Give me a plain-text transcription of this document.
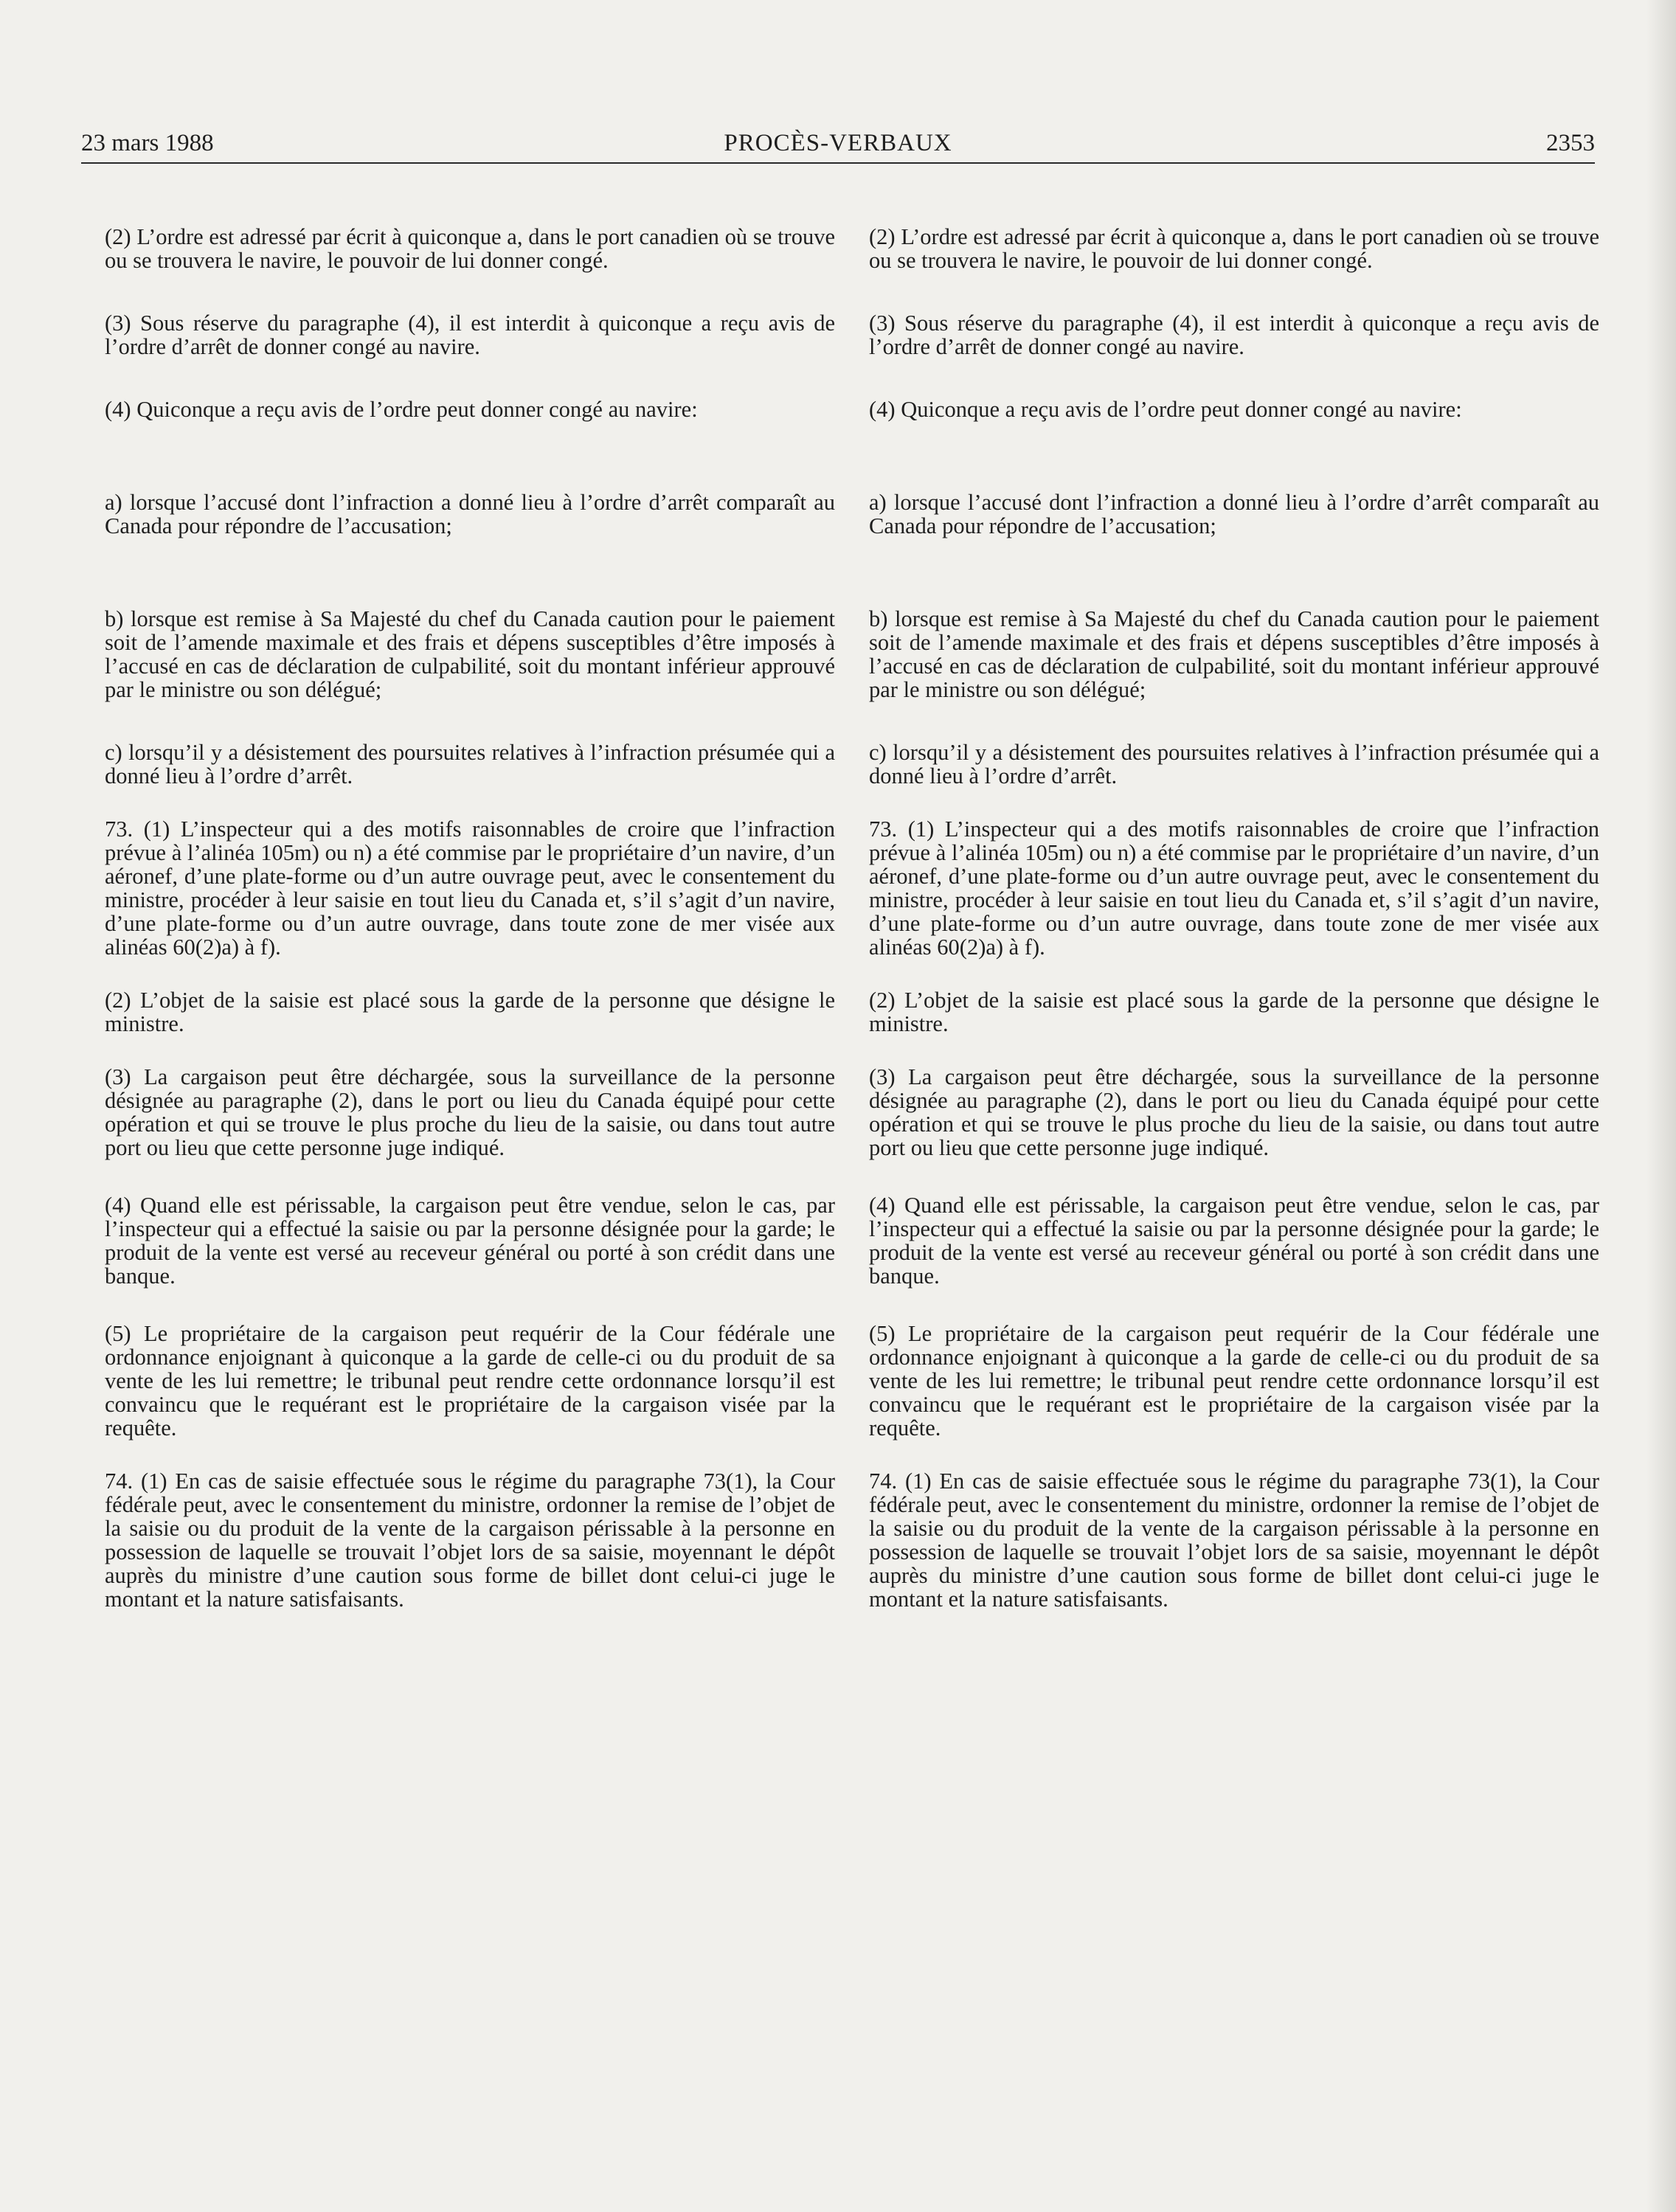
23 mars 1988	PROCÈS-VERBAUX	2353

(2) L’ordre est adressé par écrit à quiconque a, dans le port canadien où se trouve ou se trouvera le navire, le pouvoir de lui donner congé.

(3) Sous réserve du paragraphe (4), il est interdit à quiconque a reçu avis de l’ordre d’arrêt de donner congé au navire.

(4) Quiconque a reçu avis de l’ordre peut donner congé au navire:

a) lorsque l’accusé dont l’infraction a donné lieu à l’ordre d’arrêt comparaît au Canada pour répondre de l’accusation;

b) lorsque est remise à Sa Majesté du chef du Canada caution pour le paiement soit de l’amende maximale et des frais et dépens susceptibles d’être imposés à l’accusé en cas de déclaration de culpabilité, soit du montant inférieur approuvé par le ministre ou son délégué;

c) lorsqu’il y a désistement des poursuites relatives à l’infraction présumée qui a donné lieu à l’ordre d’arrêt.

73. (1) L’inspecteur qui a des motifs raisonnables de croire que l’infraction prévue à l’alinéa 105m) ou n) a été commise par le propriétaire d’un navire, d’un aéronef, d’une plate-forme ou d’un autre ouvrage peut, avec le consentement du ministre, procéder à leur saisie en tout lieu du Canada et, s’il s’agit d’un navire, d’une plate-forme ou d’un autre ouvrage, dans toute zone de mer visée aux alinéas 60(2)a) à f).

(2) L’objet de la saisie est placé sous la garde de la personne que désigne le ministre.

(3) La cargaison peut être déchargée, sous la surveillance de la personne désignée au paragraphe (2), dans le port ou lieu du Canada équipé pour cette opération et qui se trouve le plus proche du lieu de la saisie, ou dans tout autre port ou lieu que cette personne juge indiqué.

(4) Quand elle est périssable, la cargaison peut être vendue, selon le cas, par l’inspecteur qui a effectué la saisie ou par la personne désignée pour la garde; le produit de la vente est versé au receveur général ou porté à son crédit dans une banque.

(5) Le propriétaire de la cargaison peut requérir de la Cour fédérale une ordonnance enjoignant à quiconque a la garde de celle-ci ou du produit de sa vente de les lui remettre; le tribunal peut rendre cette ordonnance lorsqu’il est convaincu que le requérant est le propriétaire de la cargaison visée par la requête.

74. (1) En cas de saisie effectuée sous le régime du paragraphe 73(1), la Cour fédérale peut, avec le consentement du ministre, ordonner la remise de l’objet de la saisie ou du produit de la vente de la cargaison périssable à la personne en possession de laquelle se trouvait l’objet lors de sa saisie, moyennant le dépôt auprès du ministre d’une caution sous forme de billet dont celui-ci juge le montant et la nature satisfaisants.

(2) L’ordre est adressé par écrit à quiconque a, dans le port canadien où se trouve ou se trouvera le navire, le pouvoir de lui donner congé.

(3) Sous réserve du paragraphe (4), il est interdit à quiconque a reçu avis de l’ordre d’arrêt de donner congé au navire.

(4) Quiconque a reçu avis de l’ordre peut donner congé au navire:

a) lorsque l’accusé dont l’infraction a donné lieu à l’ordre d’arrêt comparaît au Canada pour répondre de l’accusation;

b) lorsque est remise à Sa Majesté du chef du Canada caution pour le paiement soit de l’amende maximale et des frais et dépens susceptibles d’être imposés à l’accusé en cas de déclaration de culpabilité, soit du montant inférieur approuvé par le ministre ou son délégué;

c) lorsqu’il y a désistement des poursuites relatives à l’infraction présumée qui a donné lieu à l’ordre d’arrêt.

73. (1) L’inspecteur qui a des motifs raisonnables de croire que l’infraction prévue à l’alinéa 105m) ou n) a été commise par le propriétaire d’un navire, d’un aéronef, d’une plate-forme ou d’un autre ouvrage peut, avec le consentement du ministre, procéder à leur saisie en tout lieu du Canada et, s’il s’agit d’un navire, d’une plate-forme ou d’un autre ouvrage, dans toute zone de mer visée aux alinéas 60(2)a) à f).

(2) L’objet de la saisie est placé sous la garde de la personne que désigne le ministre.

(3) La cargaison peut être déchargée, sous la surveillance de la personne désignée au paragraphe (2), dans le port ou lieu du Canada équipé pour cette opération et qui se trouve le plus proche du lieu de la saisie, ou dans tout autre port ou lieu que cette personne juge indiqué.

(4) Quand elle est périssable, la cargaison peut être vendue, selon le cas, par l’inspecteur qui a effectué la saisie ou par la personne désignée pour la garde; le produit de la vente est versé au receveur général ou porté à son crédit dans une banque.

(5) Le propriétaire de la cargaison peut requérir de la Cour fédérale une ordonnance enjoignant à quiconque a la garde de celle-ci ou du produit de sa vente de les lui remettre; le tribunal peut rendre cette ordonnance lorsqu’il est convaincu que le requérant est le propriétaire de la cargaison visée par la requête.

74. (1) En cas de saisie effectuée sous le régime du paragraphe 73(1), la Cour fédérale peut, avec le consentement du ministre, ordonner la remise de l’objet de la saisie ou du produit de la vente de la cargaison périssable à la personne en possession de laquelle se trouvait l’objet lors de sa saisie, moyennant le dépôt auprès du ministre d’une caution sous forme de billet dont celui-ci juge le montant et la nature satisfaisants.
